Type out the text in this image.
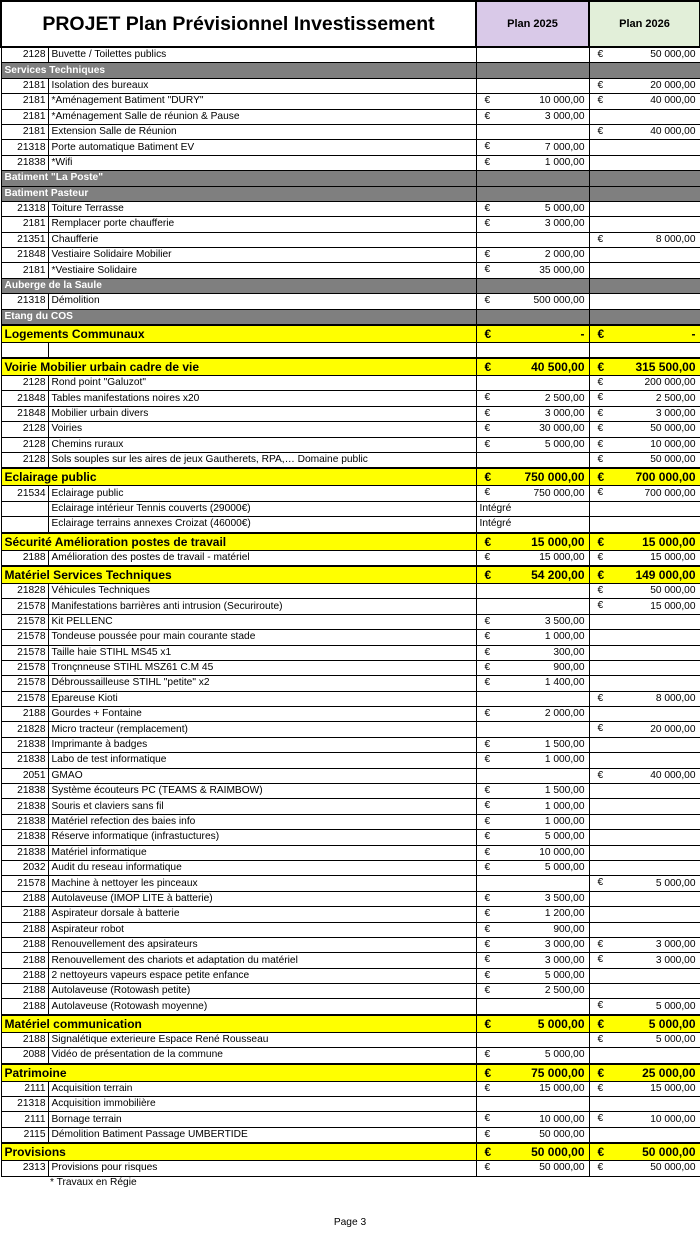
PROJET Plan Prévisionnel Investissement		Plan 2025	Plan 2026
2128	Buvette / Toilettes publics		€ 50 000,00
Services Techniques			
2181	Isolation des bureaux		€ 20 000,00
2181	*Aménagement Batiment "DURY"	€ 10 000,00	€ 40 000,00
2181	*Aménagement Salle de réunion & Pause	€ 3 000,00	
2181	Extension Salle de Réunion		€ 40 000,00
21318	Porte automatique Batiment EV	€ 7 000,00	
21838	*Wifi	€ 1 000,00	
Batiment "La Poste"			
Batiment Pasteur			
21318	Toiture Terrasse	€ 5 000,00	
2181	Remplacer porte chaufferie	€ 3 000,00	
21351	Chaufferie		€ 8 000,00
21848	Vestiaire Solidaire Mobilier	€ 2 000,00	
2181	*Vestiaire Solidaire	€ 35 000,00	
Auberge de la Saule			
21318	Démolition	€ 500 000,00	
Etang du COS			
Logements Communaux		€ -	€ -

Voirie Mobilier urbain cadre de vie		€ 40 500,00	€ 315 500,00
2128	Rond point "Galuzot"		€ 200 000,00
21848	Tables manifestations noires x20	€ 2 500,00	€ 2 500,00
21848	Mobilier urbain divers	€ 3 000,00	€ 3 000,00
2128	Voiries	€ 30 000,00	€ 50 000,00
2128	Chemins ruraux	€ 5 000,00	€ 10 000,00
2128	Sols souples sur les aires de jeux Gautherets, RPA,… Domaine public		€ 50 000,00
Eclairage public		€ 750 000,00	€ 700 000,00
21534	Eclairage public	€ 750 000,00	€ 700 000,00
	Eclairage intérieur Tennis couverts (29000€)	Intégré	
	Eclairage terrains annexes Croizat (46000€)	Intégré	
Sécurité Amélioration postes de travail		€ 15 000,00	€ 15 000,00
2188	Amélioration des postes de travail - matériel	€ 15 000,00	€ 15 000,00
Matériel Services Techniques		€ 54 200,00	€ 149 000,00
21828	Véhicules Techniques		€ 50 000,00
21578	Manifestations barrières anti intrusion (Securiroute)		€ 15 000,00
21578	Kit PELLENC	€ 3 500,00	
21578	Tondeuse poussée pour main courante stade	€ 1 000,00	
21578	Taille haie STIHL MS45 x1	€ 300,00	
21578	Tronçnneuse STIHL MSZ61 C.M 45	€ 900,00	
21578	Débroussailleuse STIHL "petite" x2	€ 1 400,00	
21578	Epareuse Kioti		€ 8 000,00
2188	Gourdes + Fontaine	€ 2 000,00	
21828	Micro tracteur (remplacement)		€ 20 000,00
21838	Imprimante à badges	€ 1 500,00	
21838	Labo de test informatique	€ 1 000,00	
2051	GMAO		€ 40 000,00
21838	Système écouteurs PC (TEAMS & RAIMBOW)	€ 1 500,00	
21838	Souris et claviers sans fil	€ 1 000,00	
21838	Matériel refection des baies info	€ 1 000,00	
21838	Réserve informatique (infrastuctures)	€ 5 000,00	
21838	Matériel informatique	€ 10 000,00	
2032	Audit du reseau informatique	€ 5 000,00	
21578	Machine à nettoyer les pinceaux		€ 5 000,00
2188	Autolaveuse (IMOP LITE à batterie)	€ 3 500,00	
2188	Aspirateur dorsale à batterie	€ 1 200,00	
2188	Aspirateur robot	€ 900,00	
2188	Renouvellement des apsirateurs	€ 3 000,00	€ 3 000,00
2188	Renouvellement des chariots et adaptation du matériel	€ 3 000,00	€ 3 000,00
2188	2 nettoyeurs vapeurs espace petite enfance	€ 5 000,00	
2188	Autolaveuse (Rotowash petite)	€ 2 500,00	
2188	Autolaveuse (Rotowash moyenne)		€ 5 000,00
Matériel communication		€ 5 000,00	€ 5 000,00
2188	Signalétique exterieure Espace René Rousseau		€ 5 000,00
2088	Vidéo de présentation de la commune	€ 5 000,00	
Patrimoine		€ 75 000,00	€ 25 000,00
2111	Acquisition terrain	€ 15 000,00	€ 15 000,00
21318	Acquisition immobilière		
2111	Bornage terrain	€ 10 000,00	€ 10 000,00
2115	Démolition Batiment Passage UMBERTIDE	€ 50 000,00	
Provisions		€ 50 000,00	€ 50 000,00
2313	Provisions pour risques	€ 50 000,00	€ 50 000,00
* Travaux en Régie
Page 3
